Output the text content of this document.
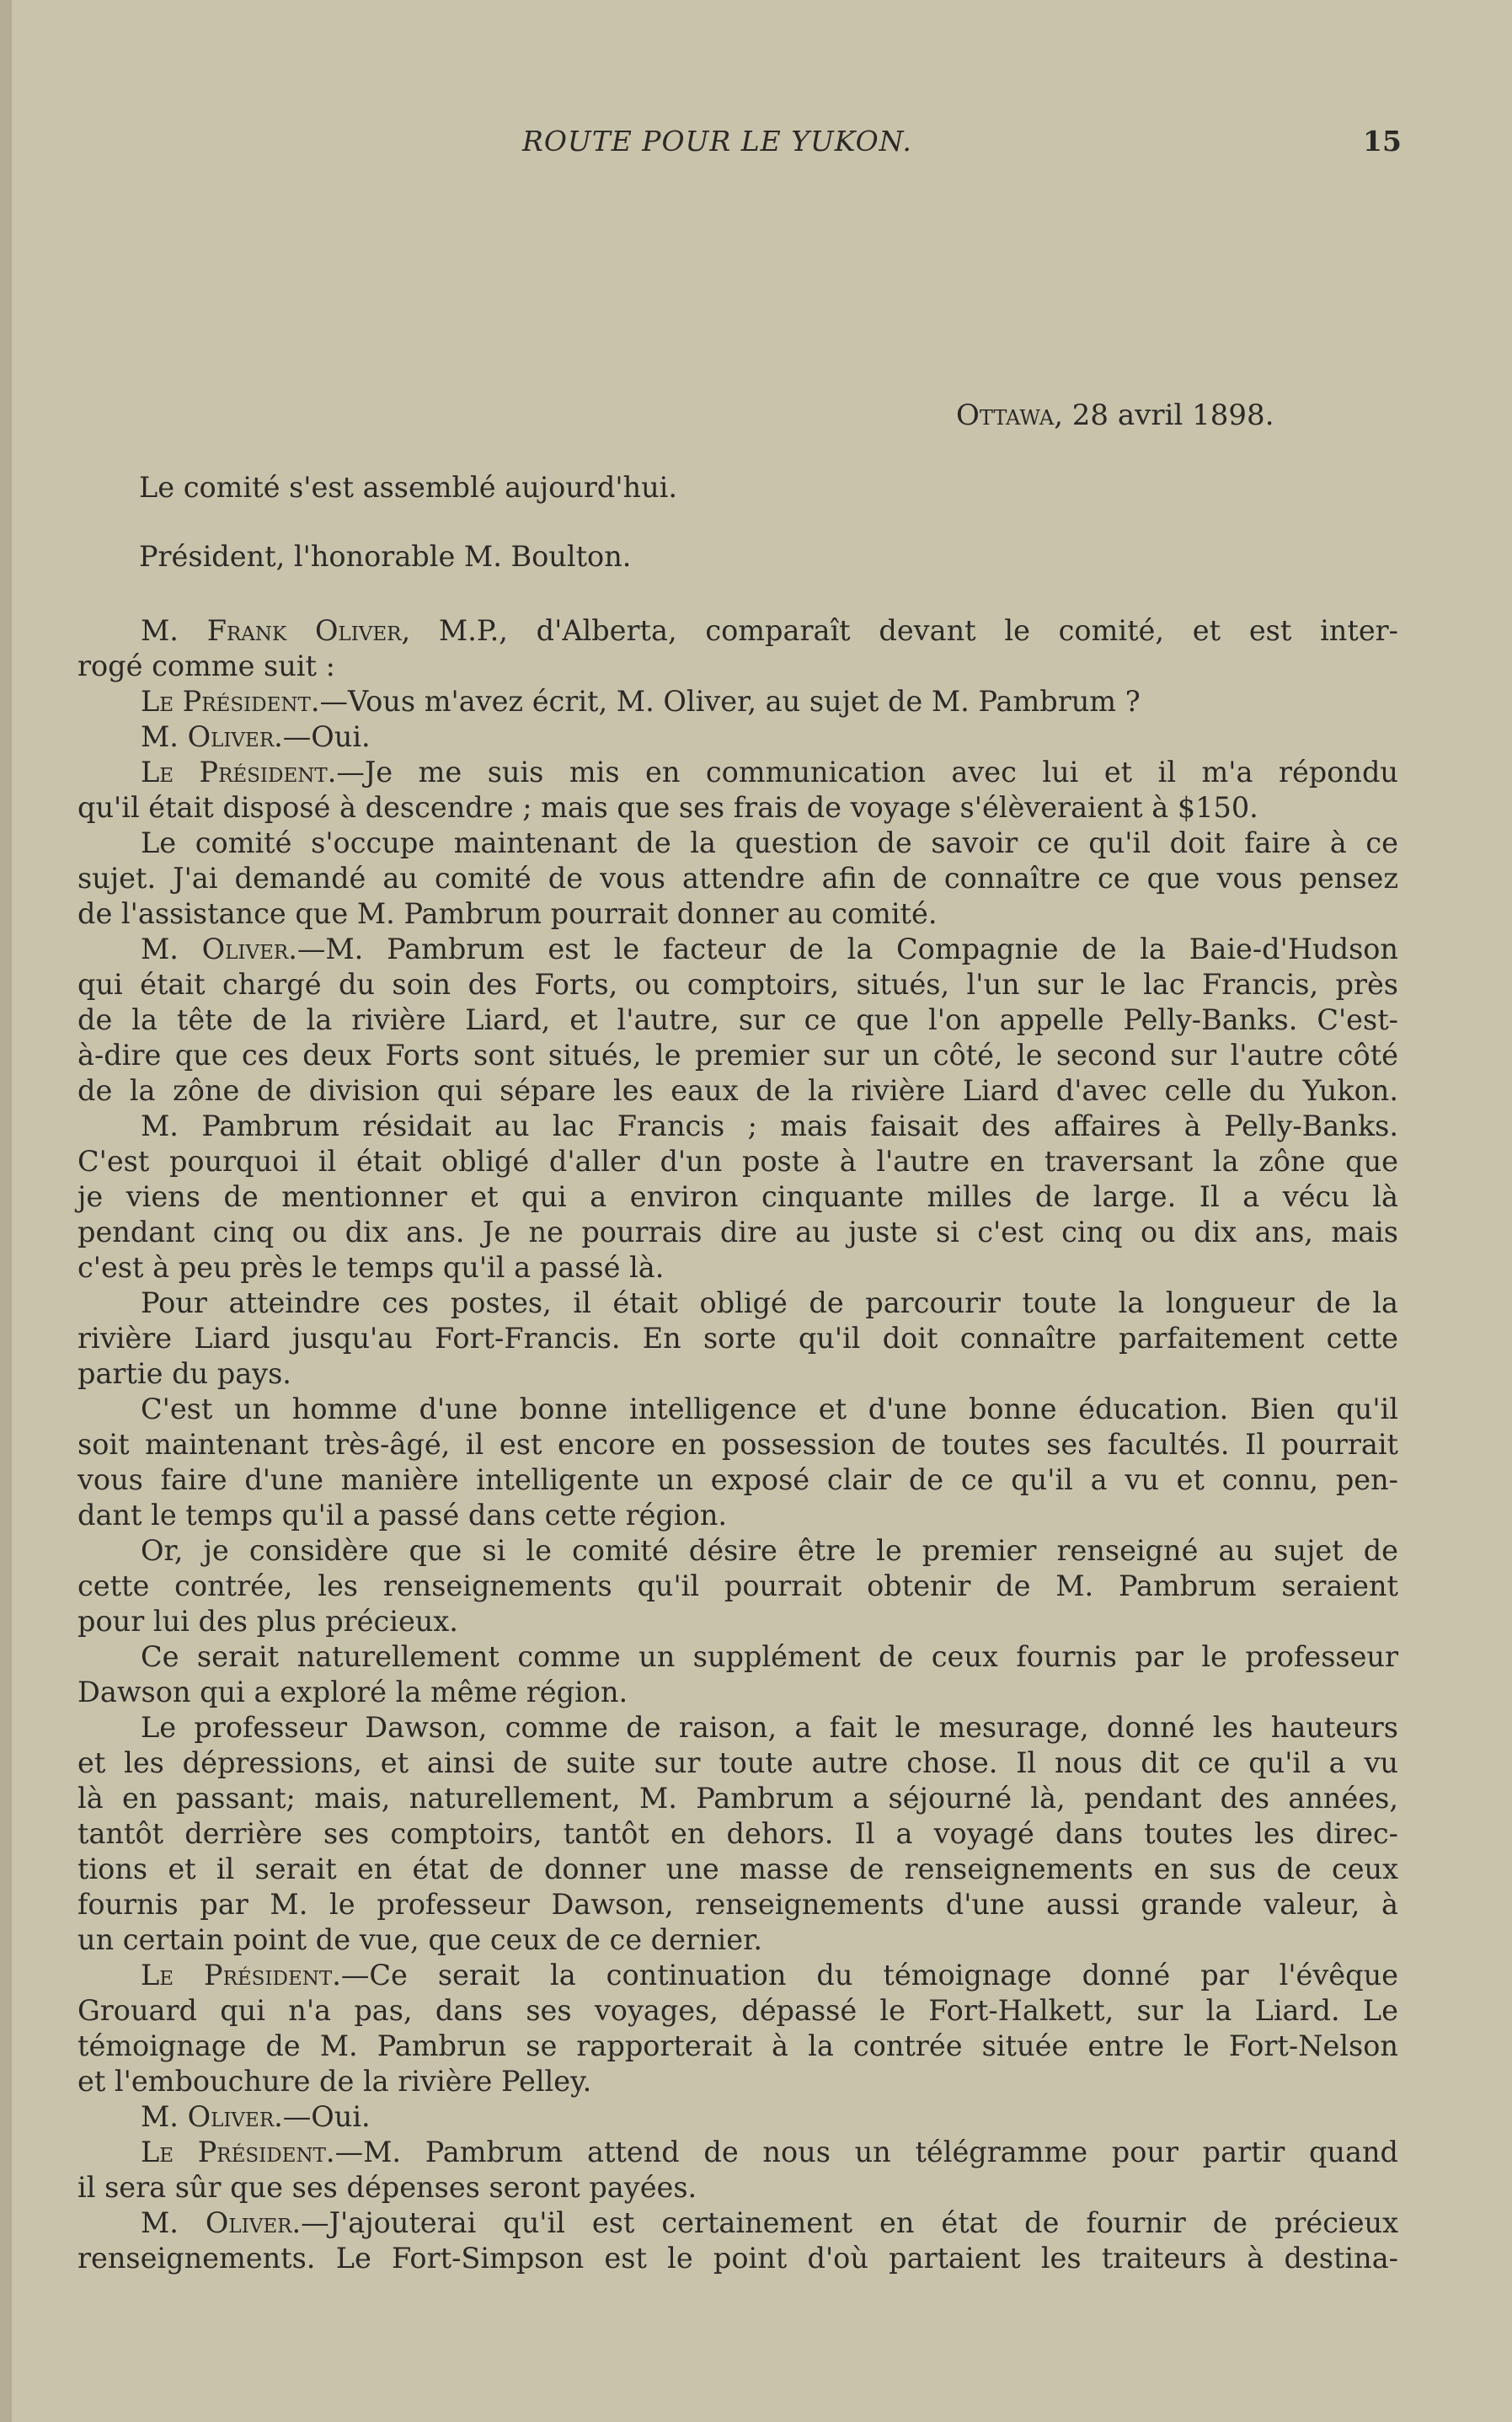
ROUTE POUR LE YUKON.	15
Ottawa, 28 avril 1898.
Le comité s'est assemblé aujourd'hui.
Président, l'honorable M. Boulton.
M. Frank Oliver, M.P., d'Alberta, comparaît devant le comité, et est inter-
rogé comme suit :
Le Président.—Vous m'avez écrit, M. Oliver, au sujet de M. Pambrum ?
M. Oliver.—Oui.
Le Président.—Je me suis mis en communication avec lui et il m'a répondu
qu'il était disposé à descendre ; mais que ses frais de voyage s'élèveraient à $150.
Le comité s'occupe maintenant de la question de savoir ce qu'il doit faire à ce
sujet. J'ai demandé au comité de vous attendre afin de connaître ce que vous pensez
de l'assistance que M. Pambrum pourrait donner au comité.
M. Oliver.—M. Pambrum est le facteur de la Compagnie de la Baie-d'Hudson
qui était chargé du soin des Forts, ou comptoirs, situés, l'un sur le lac Francis, près
de la tête de la rivière Liard, et l'autre, sur ce que l'on appelle Pelly-Banks. C'est-
à-dire que ces deux Forts sont situés, le premier sur un côté, le second sur l'autre côté
de la zône de division qui sépare les eaux de la rivière Liard d'avec celle du Yukon.
M. Pambrum résidait au lac Francis ; mais faisait des affaires à Pelly-Banks.
C'est pourquoi il était obligé d'aller d'un poste à l'autre en traversant la zône que
je viens de mentionner et qui a environ cinquante milles de large. Il a vécu là
pendant cinq ou dix ans. Je ne pourrais dire au juste si c'est cinq ou dix ans, mais
c'est à peu près le temps qu'il a passé là.
Pour atteindre ces postes, il était obligé de parcourir toute la longueur de la
rivière Liard jusqu'au Fort-Francis. En sorte qu'il doit connaître parfaitement cette
partie du pays.
C'est un homme d'une bonne intelligence et d'une bonne éducation. Bien qu'il
soit maintenant très-âgé, il est encore en possession de toutes ses facultés. Il pourrait
vous faire d'une manière intelligente un exposé clair de ce qu'il a vu et connu, pen-
dant le temps qu'il a passé dans cette région.
Or, je considère que si le comité désire être le premier renseigné au sujet de
cette contrée, les renseignements qu'il pourrait obtenir de M. Pambrum seraient
pour lui des plus précieux.
Ce serait naturellement comme un supplément de ceux fournis par le professeur
Dawson qui a exploré la même région.
Le professeur Dawson, comme de raison, a fait le mesurage, donné les hauteurs
et les dépressions, et ainsi de suite sur toute autre chose. Il nous dit ce qu'il a vu
là en passant; mais, naturellement, M. Pambrum a séjourné là, pendant des années,
tantôt derrière ses comptoirs, tantôt en dehors. Il a voyagé dans toutes les direc-
tions et il serait en état de donner une masse de renseignements en sus de ceux
fournis par M. le professeur Dawson, renseignements d'une aussi grande valeur, à
un certain point de vue, que ceux de ce dernier.
Le Président.—Ce serait la continuation du témoignage donné par l'évêque
Grouard qui n'a pas, dans ses voyages, dépassé le Fort-Halkett, sur la Liard. Le
témoignage de M. Pambrun se rapporterait à la contrée située entre le Fort-Nelson
et l'embouchure de la rivière Pelley.
M. Oliver.—Oui.
Le Président.—M. Pambrum attend de nous un télégramme pour partir quand
il sera sûr que ses dépenses seront payées.
M. Oliver.—J'ajouterai qu'il est certainement en état de fournir de précieux
renseignements. Le Fort-Simpson est le point d'où partaient les traiteurs à destina-
